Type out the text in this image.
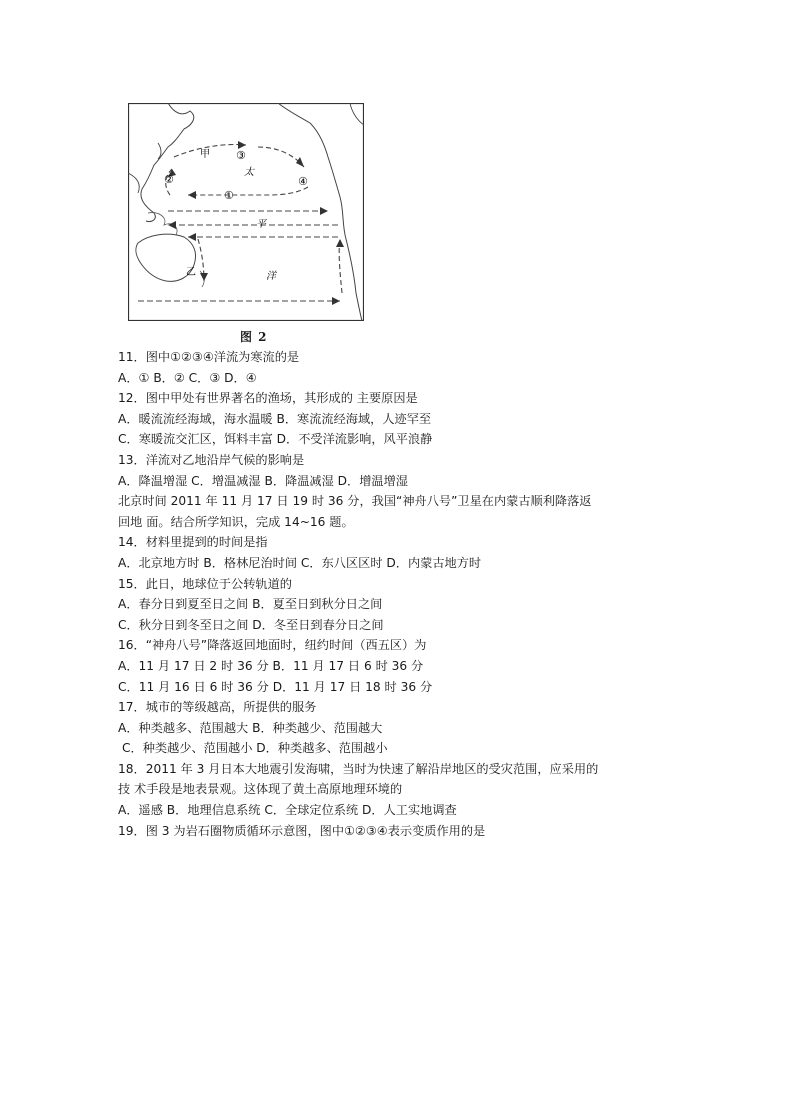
甲 ③
太
②	④
①
平
乙	洋
图 2
11．图中①②③④洋流为寒流的是
A．① B．② C．③ D．④
12．图中甲处有世界著名的渔场，其形成的 主要原因是
A．暖流流经海域，海水温暖 B．寒流流经海域，人迹罕至
C．寒暖流交汇区，饵料丰富 D．不受洋流影响，风平浪静
13．洋流对乙地沿岸气候的影响是
A．降温增湿 C．增温减湿 B．降温减湿 D．增温增湿
北京时间 2011 年 11 月 17 日 19 时 36 分，我国“神舟八号”卫星在内蒙古顺利降落返
回地 面。结合所学知识，完成 14~16 题。
14．材料里提到的时间是指
A．北京地方时 B．格林尼治时间 C．东八区区时 D．内蒙古地方时
15．此日，地球位于公转轨道的
A．春分日到夏至日之间 B．夏至日到秋分日之间
C．秋分日到冬至日之间 D．冬至日到春分日之间
16．“神舟八号”降落返回地面时，纽约时间（西五区）为
A．11 月 17 日 2 时 36 分 B．11 月 17 日 6 时 36 分
C．11 月 16 日 6 时 36 分 D．11 月 17 日 18 时 36 分
17．城市的等级越高，所提供的服务
A．种类越多、范围越大 B．种类越少、范围越大
C．种类越少、范围越小 D．种类越多、范围越小
18．2011 年 3 月日本大地震引发海啸，当时为快速了解沿岸地区的受灾范围，应采用的
技 术手段是地表景观。这体现了黄土高原地理环境的
A．遥感 B．地理信息系统 C．全球定位系统 D．人工实地调查
19．图 3 为岩石圈物质循环示意图，图中①②③④表示变质作用的是
